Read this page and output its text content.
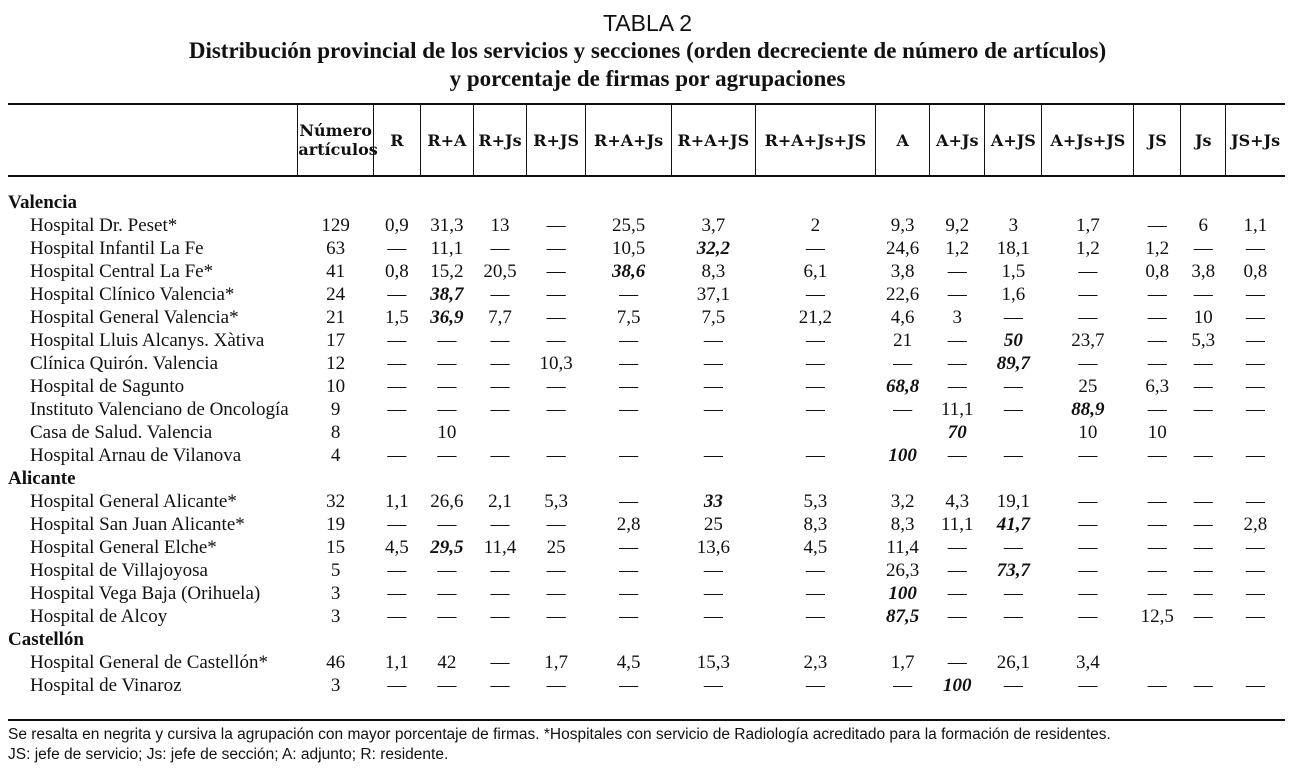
TABLA 2
Distribución provincial de los servicios y secciones (orden decreciente de número de artículos)
y porcentaje de firmas por agrupaciones
	Número artículos	R	R+A	R+Js	R+JS	R+A+Js	R+A+JS	R+A+Js+JS	A	A+Js	A+JS	A+Js+JS	JS	Js	JS+Js

Valencia															
Hospital Dr. Peset*	129	0,9	31,3	13	—	25,5	3,7	2	9,3	9,2	3	1,7	—	6	1,1
Hospital Infantil La Fe	63	—	11,1	—	—	10,5	32,2	—	24,6	1,2	18,1	1,2	1,2	—	—
Hospital Central La Fe*	41	0,8	15,2	20,5	—	38,6	8,3	6,1	3,8	—	1,5	—	0,8	3,8	0,8
Hospital Clínico Valencia*	24	—	38,7	—	—	—	37,1	—	22,6	—	1,6	—	—	—	—
Hospital General Valencia*	21	1,5	36,9	7,7	—	7,5	7,5	21,2	4,6	3	—	—	—	10	—
Hospital Lluis Alcanys. Xàtiva	17	—	—	—	—	—	—	—	21	—	50	23,7	—	5,3	—
Clínica Quirón. Valencia	12	—	—	—	10,3	—	—	—	—	—	89,7	—	—	—	—
Hospital de Sagunto	10	—	—	—	—	—	—	—	68,8	—	—	25	6,3	—	—
Instituto Valenciano de Oncología	9	—	—	—	—	—	—	—	—	11,1	—	88,9	—	—	—
Casa de Salud. Valencia	8		10							70		10	10		
Hospital Arnau de Vilanova	4	—	—	—	—	—	—	—	100	—	—	—	—	—	—
Alicante															
Hospital General Alicante*	32	1,1	26,6	2,1	5,3	—	33	5,3	3,2	4,3	19,1	—	—	—	—
Hospital San Juan Alicante*	19	—	—	—	—	2,8	25	8,3	8,3	11,1	41,7	—	—	—	2,8
Hospital General Elche*	15	4,5	29,5	11,4	25	—	13,6	4,5	11,4	—	—	—	—	—	—
Hospital de Villajoyosa	5	—	—	—	—	—	—	—	26,3	—	73,7	—	—	—	—
Hospital Vega Baja (Orihuela)	3	—	—	—	—	—	—	—	100	—	—	—	—	—	—
Hospital de Alcoy	3	—	—	—	—	—	—	—	87,5	—	—	—	12,5	—	—
Castellón															
Hospital General de Castellón*	46	1,1	42	—	1,7	4,5	15,3	2,3	1,7	—	26,1	3,4			
Hospital de Vinaroz	3	—	—	—	—	—	—	—	—	100	—	—	—	—	—

Se resalta en negrita y cursiva la agrupación con mayor porcentaje de firmas. *Hospitales con servicio de Radiología acreditado para la formación de residentes.
JS: jefe de servicio; Js: jefe de sección; A: adjunto; R: residente.
